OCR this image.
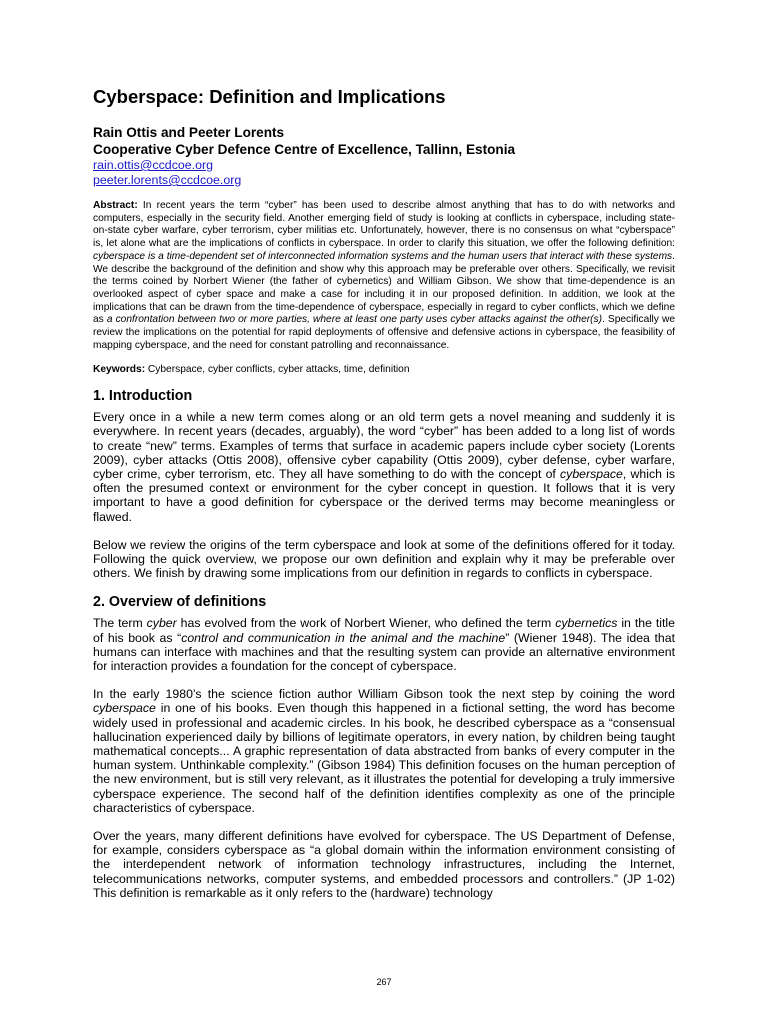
Cyberspace: Definition and Implications
Rain Ottis and Peeter Lorents
Cooperative Cyber Defence Centre of Excellence, Tallinn, Estonia
rain.ottis@ccdcoe.org
peeter.lorents@ccdcoe.org
Abstract: In recent years the term “cyber” has been used to describe almost anything that has to do with networks and computers, especially in the security field. Another emerging field of study is looking at conflicts in cyberspace, including state-on-state cyber warfare, cyber terrorism, cyber militias etc. Unfortunately, however, there is no consensus on what “cyberspace” is, let alone what are the implications of conflicts in cyberspace. In order to clarify this situation, we offer the following definition: cyberspace is a time-dependent set of interconnected information systems and the human users that interact with these systems. We describe the background of the definition and show why this approach may be preferable over others. Specifically, we revisit the terms coined by Norbert Wiener (the father of cybernetics) and William Gibson. We show that time-dependence is an overlooked aspect of cyber space and make a case for including it in our proposed definition. In addition, we look at the implications that can be drawn from the time-dependence of cyberspace, especially in regard to cyber conflicts, which we define as a confrontation between two or more parties, where at least one party uses cyber attacks against the other(s). Specifically we review the implications on the potential for rapid deployments of offensive and defensive actions in cyberspace, the feasibility of mapping cyberspace, and the need for constant patrolling and reconnaissance.
Keywords: Cyberspace, cyber conflicts, cyber attacks, time, definition
1. Introduction

Every once in a while a new term comes along or an old term gets a novel meaning and suddenly it is everywhere. In recent years (decades, arguably), the word “cyber” has been added to a long list of words to create “new” terms. Examples of terms that surface in academic papers include cyber society (Lorents 2009), cyber attacks (Ottis 2008), offensive cyber capability (Ottis 2009), cyber defense, cyber warfare, cyber crime, cyber terrorism, etc. They all have something to do with the concept of cyberspace, which is often the presumed context or environment for the cyber concept in question. It follows that it is very important to have a good definition for cyberspace or the derived terms may become meaningless or flawed.

Below we review the origins of the term cyberspace and look at some of the definitions offered for it today. Following the quick overview, we propose our own definition and explain why it may be preferable over others. We finish by drawing some implications from our definition in regards to conflicts in cyberspace.

2. Overview of definitions

The term cyber has evolved from the work of Norbert Wiener, who defined the term cybernetics in the title of his book as “control and communication in the animal and the machine” (Wiener 1948). The idea that humans can interface with machines and that the resulting system can provide an alternative environment for interaction provides a foundation for the concept of cyberspace.

In the early 1980’s the science fiction author William Gibson took the next step by coining the word cyberspace in one of his books. Even though this happened in a fictional setting, the word has become widely used in professional and academic circles. In his book, he described cyberspace as a “consensual hallucination experienced daily by billions of legitimate operators, in every nation, by children being taught mathematical concepts... A graphic representation of data abstracted from banks of every computer in the human system. Unthinkable complexity.” (Gibson 1984) This definition focuses on the human perception of the new environment, but is still very relevant, as it illustrates the potential for developing a truly immersive cyberspace experience. The second half of the definition identifies complexity as one of the principle characteristics of cyberspace.

Over the years, many different definitions have evolved for cyberspace. The US Department of Defense, for example, considers cyberspace as “a global domain within the information environment consisting of the interdependent network of information technology infrastructures, including the Internet, telecommunications networks, computer systems, and embedded processors and controllers.” (JP 1-02) This definition is remarkable as it only refers to the (hardware) technology

267
